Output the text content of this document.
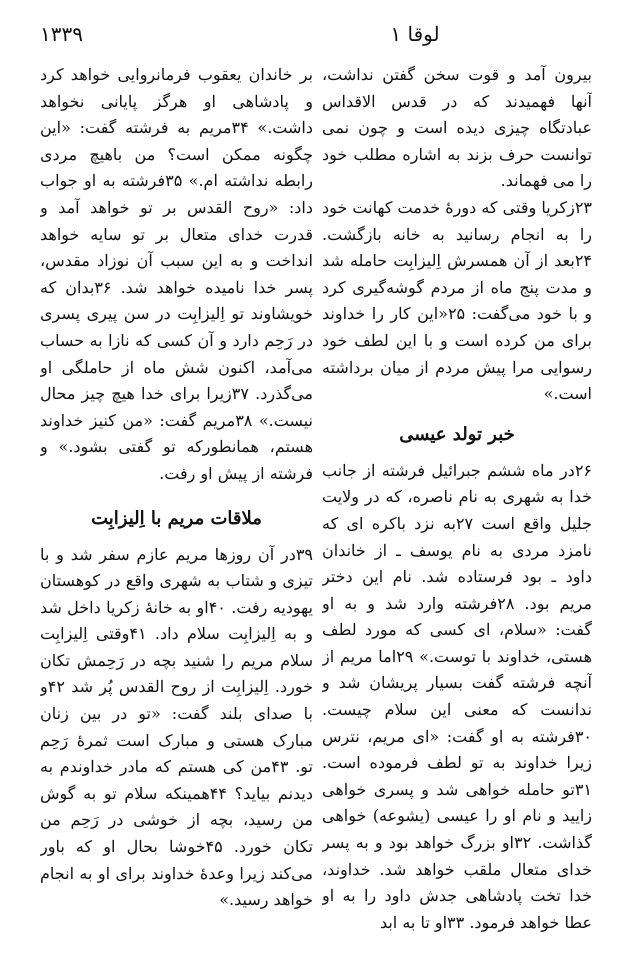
۱۳۳۹	لوقا ۱

بیرون آمد و قوت سخن گفتن نداشت، آنها فهمیدند که در قدس الاقداس عبادتگاه چیزی دیده است و چون نمی توانست حرف بزند به اشاره مطلب خود را می فهماند.

۲۳زکریا وقتی که دورهٔ خدمت کهانت خود را به انجام رسانید به خانه بازگشت. ۲۴بعد از آن همسرش اِلیزابِت حامله شد و مدت پنج ماه از مردم گوشه‌گیری کرد و با خود می‌گفت: ۲۵«این کار را خداوند برای من کرده است و با این لطف خود رسوایی مرا پیش مردم از میان برداشته است.»

خبر تولد عیسی

۲۶در ماه ششم جبرائیل فرشته از جانب خدا به شهری به نام ناصره، که در ولایت جلیل واقع است ۲۷به نزد باکره ای که نامزد مردی به نام یوسف ـ از خاندان داود ـ بود فرستاده شد. نام این دختر مریم بود. ۲۸فرشته وارد شد و به او گفت: «سلام، ای کسی که مورد لطف هستی، خداوند با توست.» ۲۹اما مریم از آنچه فرشته گفت بسیار پریشان شد و ندانست که معنی این سلام چیست. ۳۰فرشته به او گفت: «ای مریم، نترس زیرا خداوند به تو لطف فرموده است. ۳۱تو حامله خواهی شد و پسری خواهی زایید و نام او را عیسی (یشوعه) خواهی گذاشت. ۳۲او بزرگ خواهد بود و به پسر خدای متعال ملقب خواهد شد. خداوند، خدا تخت پادشاهی جدش داود را به او عطا خواهد فرمود. ۳۳او تا به ابد

بر خاندان یعقوب فرمانروایی خواهد کرد و پادشاهی او هرگز پایانی نخواهد داشت.» ۳۴مریم به فرشته گفت: «این چگونه ممکن است؟ من باهیچ مردی رابطه نداشته ام.» ۳۵فرشته به او جواب داد: «روح القدس بر تو خواهد آمد و قدرت خدای متعال بر تو سایه خواهد انداخت و به این سبب آن نوزاد مقدس، پسر خدا نامیده خواهد شد. ۳۶بدان که خویشاوند تو اِلیزابِت در سن پیری پسری در رَحِم دارد و آن کسی که نازا به حساب می‌آمد، اکنون شش ماه از حاملگی او می‌گذرد. ۳۷زیرا برای خدا هیچ چیز محال نیست.» ۳۸مریم گفت: «من کنیز خداوند هستم، همانطورکه تو گفتی بشود.» و فرشته از پیش او رفت.

ملاقات مریم با اِلیزابِت

۳۹در آن روزها مریم عازم سفر شد و با تیزی و شتاب به شهری واقع در کوهستان یهودیه رفت. ۴۰او به خانهٔ زکریا داخل شد و به اِلیزابِت سلام داد. ۴۱وقتی اِلیزابِت سلام مریم را شنید بچه در رَحِمش تکان خورد. اِلیزابِت از روح القدس پُر شد ۴۲و با صدای بلند گفت: «تو در بین زنان مبارک هستی و مبارک است ثمرهٔ رَحِم تو. ۴۳من کی هستم که مادر خداوندم به دیدنم بیاید؟ ۴۴همینکه سلام تو به گوش من رسید، بچه از خوشی در رَحِم من تکان خورد. ۴۵خوشا بحال او که باور می‌کند زیرا وعدهٔ خداوند برای او به انجام خواهد رسید.»
